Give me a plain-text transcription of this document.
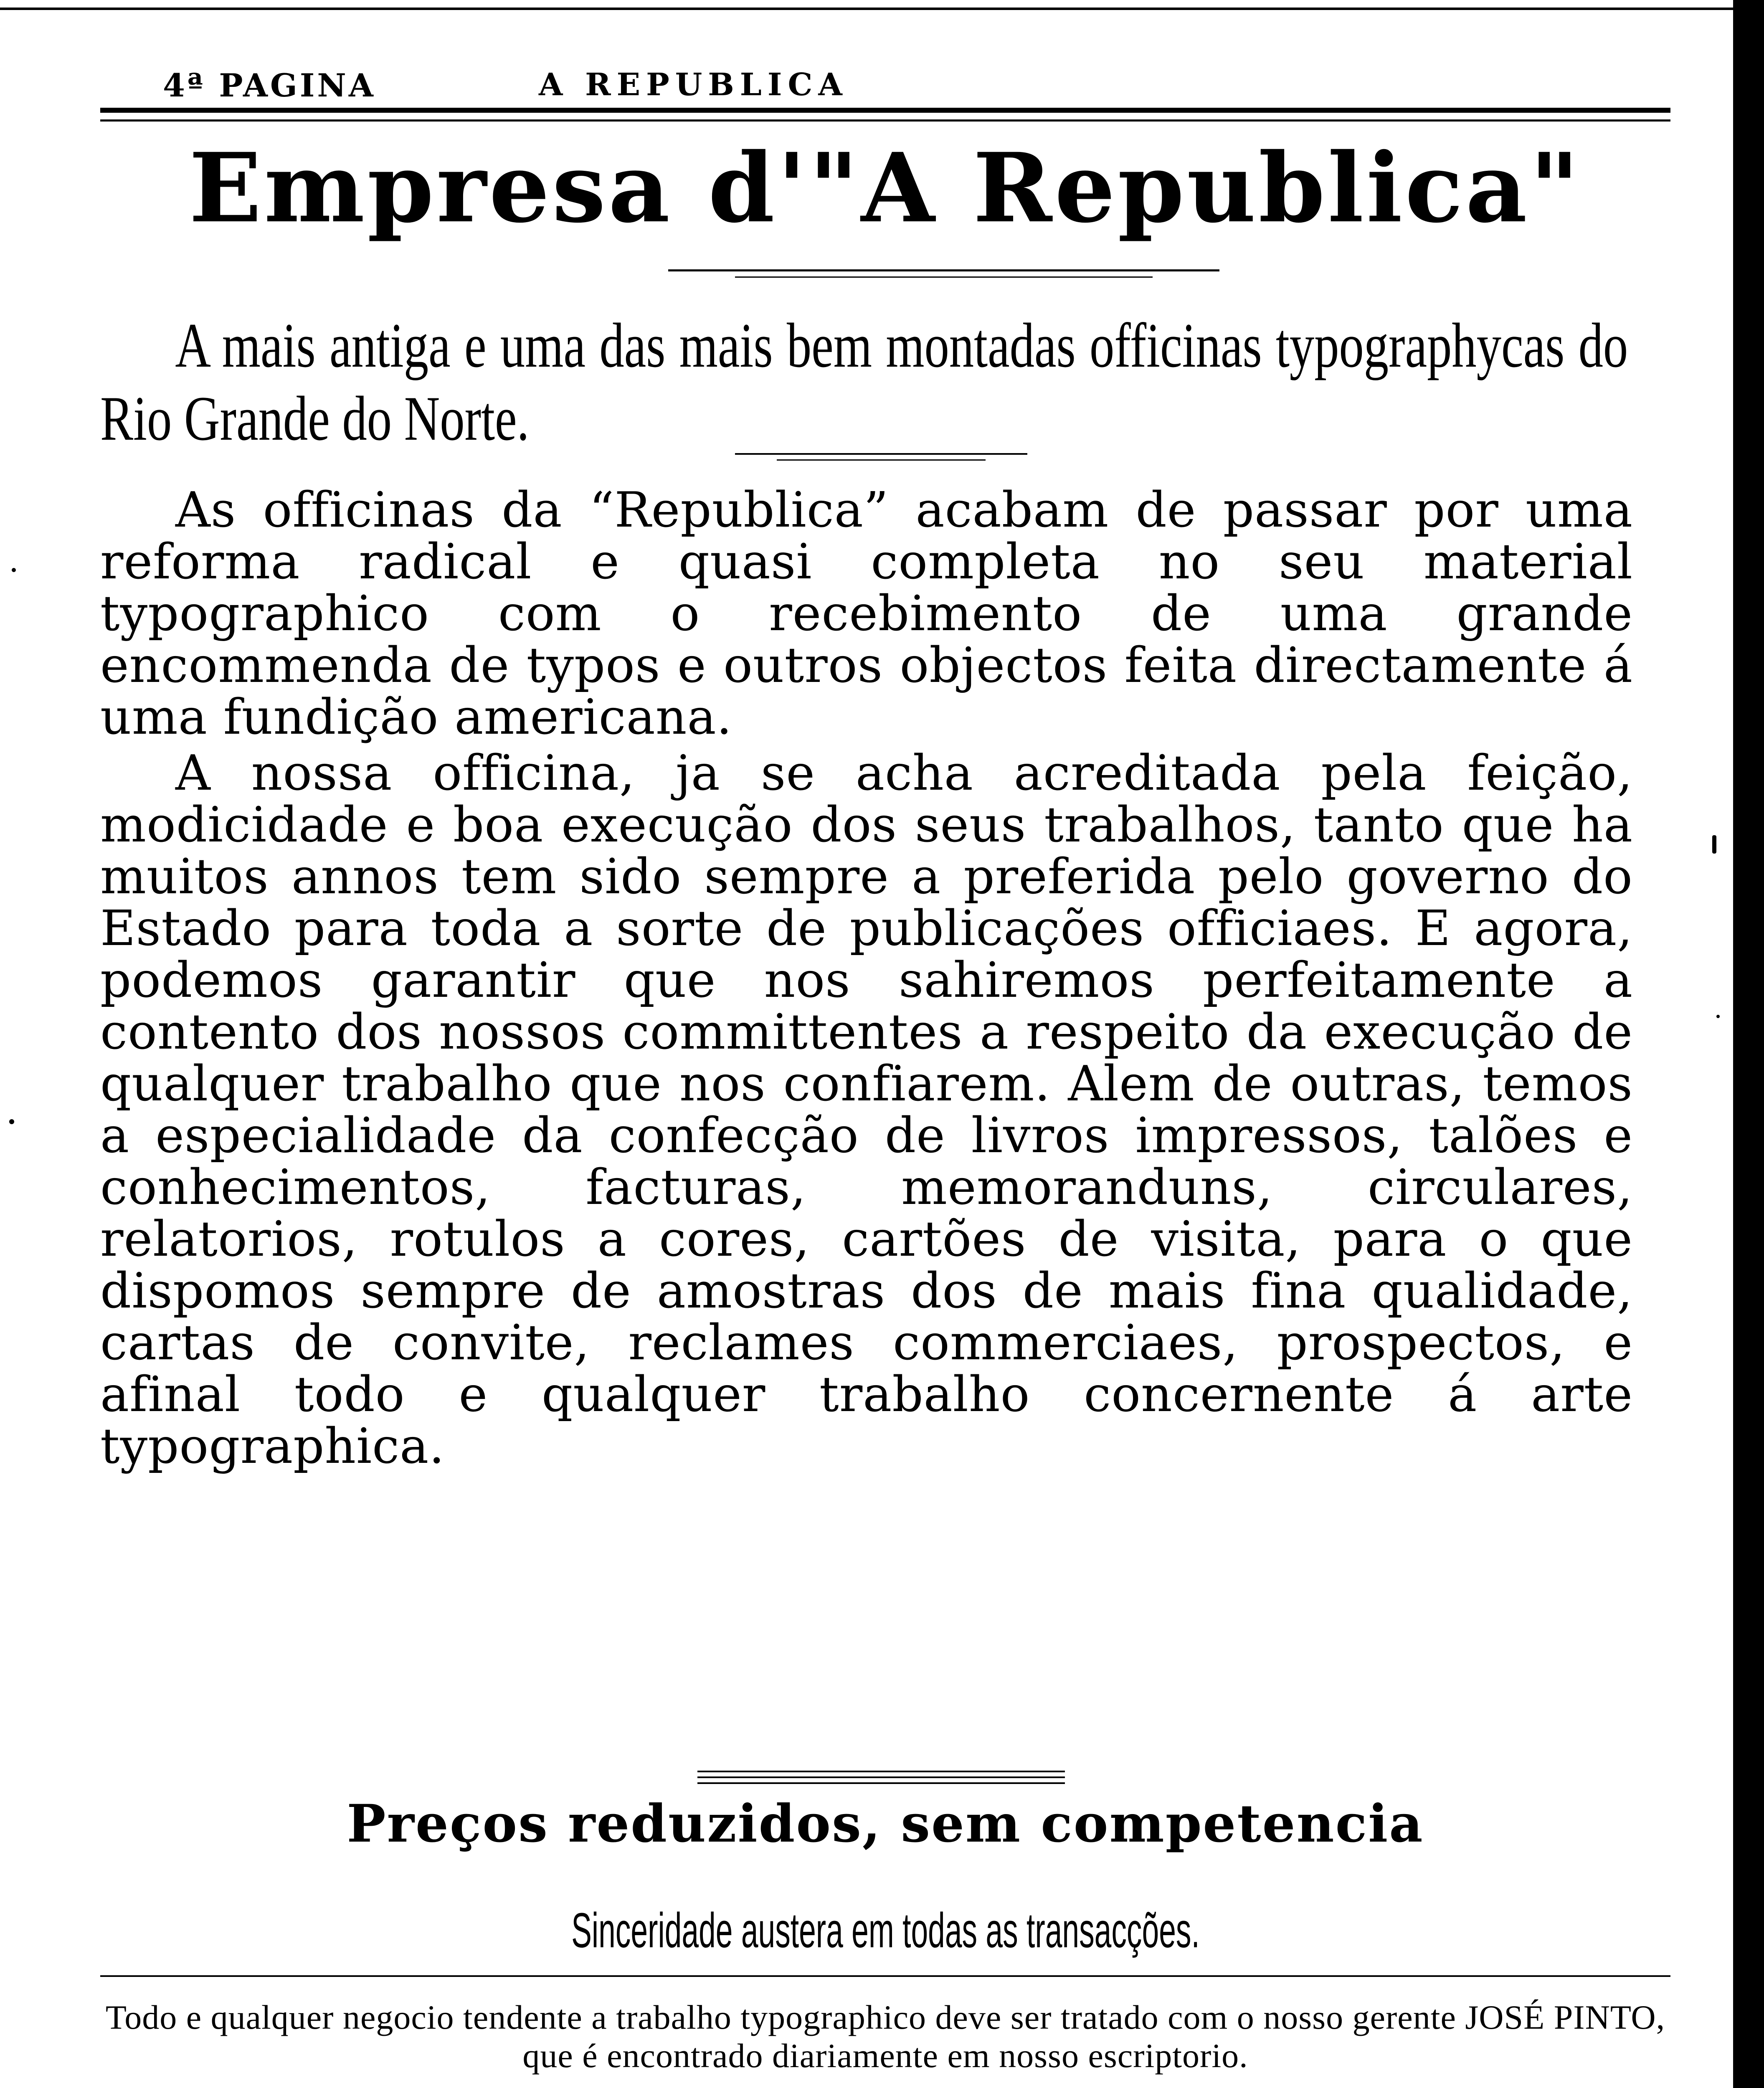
4ª PAGINA	A REPUBLICA
Empresa d'"A Republica"
A mais antiga e uma das mais bem montadas officinas typographycas do Rio Grande do Norte.

As officinas da “Republica” acabam de passar por uma reforma radical e quasi completa no seu material typographico com o recebimento de uma grande encommenda de typos e outros objectos feita directamente á uma fundição americana.

A nossa officina, ja se acha acreditada pela feição, modicidade e boa execução dos seus trabalhos, tanto que ha muitos annos tem sido sempre a preferida pelo governo do Estado para toda a sorte de publicações officiaes. E agora, podemos garantir que nos sahiremos perfeitamente a contento dos nossos committentes a respeito da execução de qualquer trabalho que nos confiarem. Alem de outras, temos a especialidade da confecção de livros impressos, talões e conhecimentos, facturas, memoranduns, circulares, relatorios, rotulos a cores, cartões de visita, para o que dispomos sempre de amostras dos de mais fina qualidade, cartas de convite, reclames commerciaes, prospectos, e afinal todo e qualquer trabalho concernente á arte typographica.

Preços reduzidos, sem competencia
Sinceridade austera em todas as transacções.
Todo e qualquer negocio tendente a trabalho typographico deve ser tratado com o nosso gerente JOSÉ PINTO, que é encontrado diariamente em nosso escriptorio.
